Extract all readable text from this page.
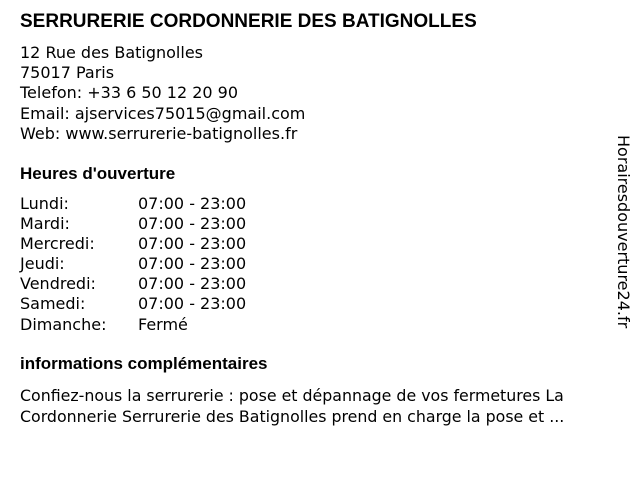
SERRURERIE CORDONNERIE DES BATIGNOLLES
12 Rue des Batignolles
75017 Paris
Telefon: +33 6 50 12 20 90
Email: ajservices75015@gmail.com
Web: www.serrurerie-batignolles.fr
Heures d'ouverture
Lundi:	07:00 - 23:00
Mardi:	07:00 - 23:00
Mercredi:	07:00 - 23:00
Jeudi:	07:00 - 23:00
Vendredi:	07:00 - 23:00
Samedi:	07:00 - 23:00
Dimanche: Fermé
informations complémentaires
Confiez-nous la serrurerie : pose et dépannage de vos fermetures La Cordonnerie Serrurerie des Batignolles prend en charge la pose et ...
Horairesdouverture24.fr
